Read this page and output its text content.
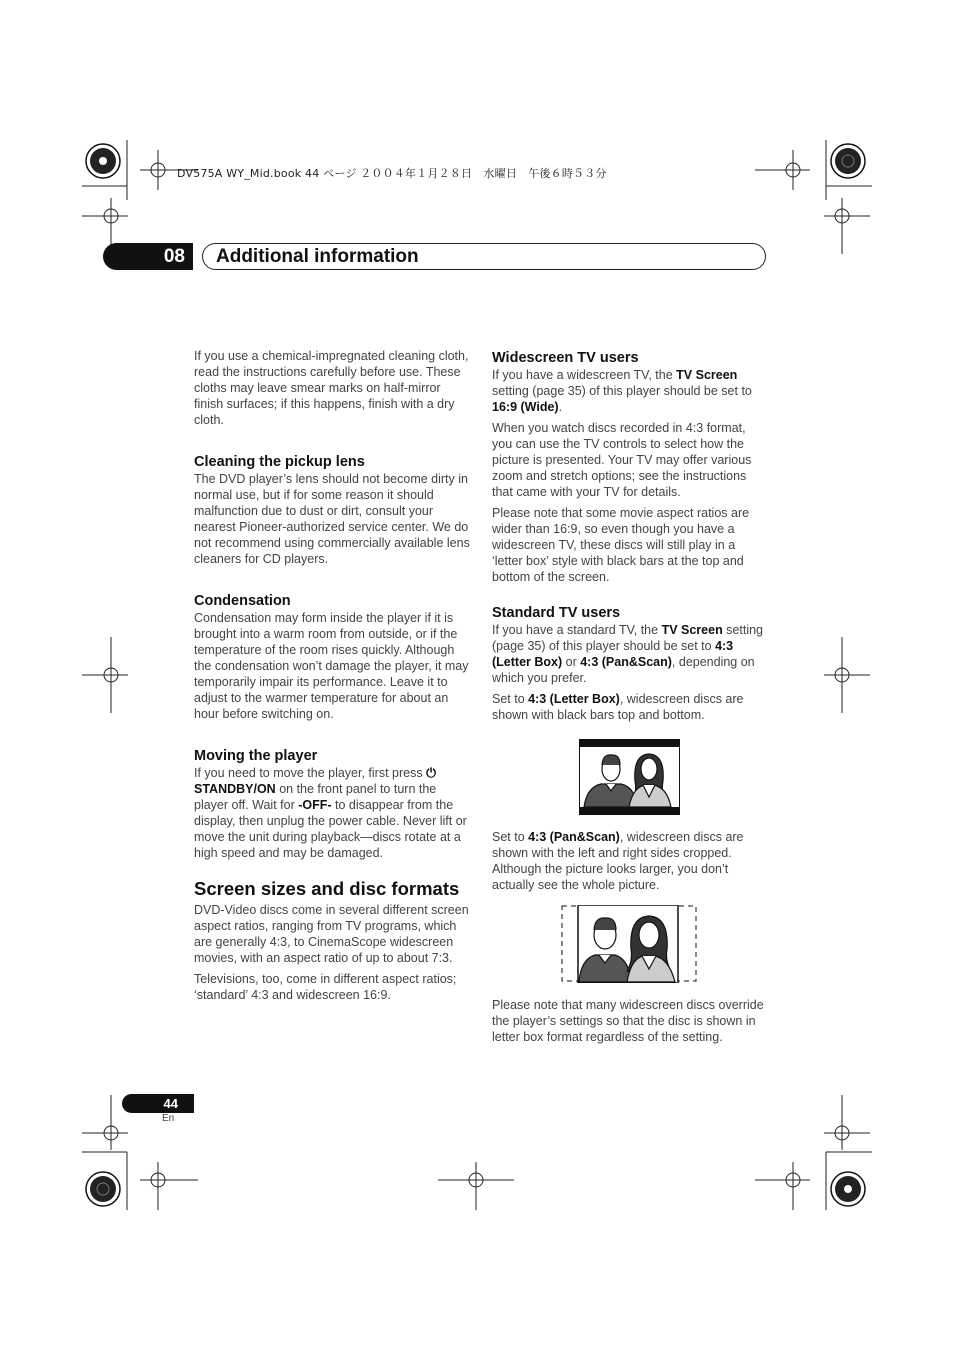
DV575A WY_Mid.book 44 ページ ２００４年１月２８日　水曜日　午後６時５３分
08	Additional information

If you use a chemical-impregnated cleaning cloth, read the instructions carefully before use. These cloths may leave smear marks on half-mirror finish surfaces; if this happens, finish with a dry cloth.

Cleaning the pickup lens

The DVD player’s lens should not become dirty in normal use, but if for some reason it should malfunction due to dust or dirt, consult your nearest Pioneer-authorized service center. We do not recommend using commercially available lens cleaners for CD players.

Condensation

Condensation may form inside the player if it is brought into a warm room from outside, or if the temperature of the room rises quickly. Although the condensation won’t damage the player, it may temporarily impair its performance. Leave it to adjust to the warmer temperature for about an hour before switching on.

Moving the player

If you need to move the player, first press ⏻ STANDBY/ON on the front panel to turn the player off. Wait for -OFF- to disappear from the display, then unplug the power cable. Never lift or move the unit during playback—discs rotate at a high speed and may be damaged.

Screen sizes and disc formats

DVD-Video discs come in several different screen aspect ratios, ranging from TV programs, which are generally 4:3, to CinemaScope widescreen movies, with an aspect ratio of up to about 7:3.

Televisions, too, come in different aspect ratios; ‘standard’ 4:3 and widescreen 16:9.

Widescreen TV users

If you have a widescreen TV, the TV Screen setting (page 35) of this player should be set to 16:9 (Wide).

When you watch discs recorded in 4:3 format, you can use the TV controls to select how the picture is presented. Your TV may offer various zoom and stretch options; see the instructions that came with your TV for details.

Please note that some movie aspect ratios are wider than 16:9, so even though you have a widescreen TV, these discs will still play in a ‘letter box’ style with black bars at the top and bottom of the screen.

Standard TV users

If you have a standard TV, the TV Screen setting (page 35) of this player should be set to 4:3 (Letter Box) or 4:3 (Pan&Scan), depending on which you prefer.

Set to 4:3 (Letter Box), widescreen discs are shown with black bars top and bottom.

Set to 4:3 (Pan&Scan), widescreen discs are shown with the left and right sides cropped. Although the picture looks larger, you don’t actually see the whole picture.

Please note that many widescreen discs override the player’s settings so that the disc is shown in letter box format regardless of the setting.

44
En
